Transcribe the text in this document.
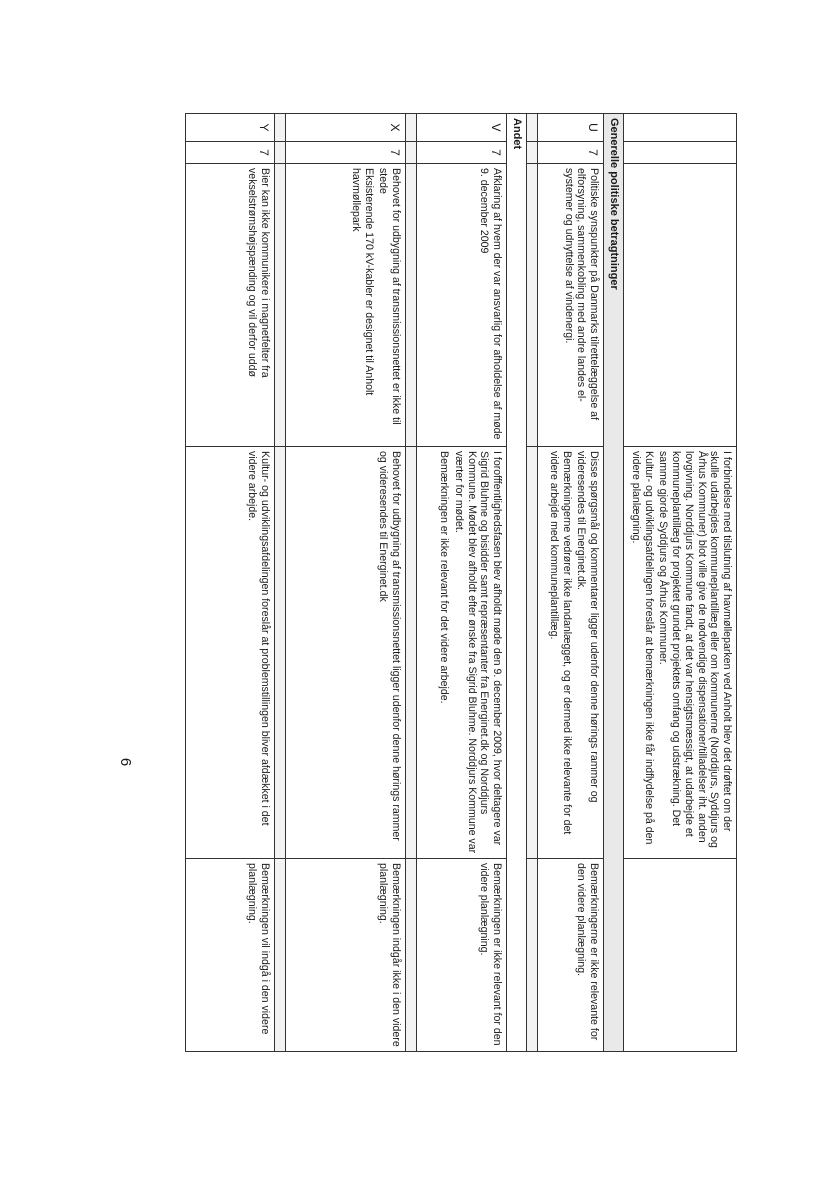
6

			I forbindelse med tilslutning af havmølleparken ved Anholt blev det drøftet om der skulle udarbejdes kommuneplantillæg eller om kommunerne (Norddjurs, Syddjurs og Århus Kommuner) blot ville give de nødvendige dispensationer/tilladelser iht. anden lovgivning. Norddjurs Kommune fandt, at det var hensigtsmæssigt, at udarbejde et kommuneplantillæg for projektet grundet projektets omfang og udstrækning. Det samme gjorde Syddjurs og Århus Kommuner.

Kultur- og udviklingsafdelingen foreslår at bemærkningen ikke får indflydelse på den videre planlægning.	

Generelle politiske betragtninger				
U	7	Politiske synspunkter på Danmarks tilrettelæggelse af elforsyning, sammenkobling med andre landes el-systemer og udnyttelse af vindenergi.	Disse spørgsmål og kommentarer ligger udenfor denne hørings rammer og videresendes til Energinet.dk.

Bemærkningerne vedrører ikke landanlægget, og er dermed ikke relevante for det videre arbejde med kommuneplantillæg.	Bemærkningerne er ikke relevante for den videre planlægning.

Andet				
V	7	Afklaring af hvem der var ansvarlig for afholdelse af møde 9. december 2009	I forofffentlighedsfasen blev afholdt møde den 9. december 2009, hvor deltagere var Sigrid Bluhme og bisidder samt repræsentanter fra Energinet.dk og Norddjurs Kommune. Mødet blev afholdt efter ønske fra Sigrid Bluhme. Norddjurs Kommune var værter for mødet.

Bemærkningen er ikke relevant for det videre arbejde.	Bemærkningen er ikke relevant for den videre planlægning.

X	7	Behovet for udbygning af transmissionsnettet er ikke til stede

Eksisterende 170 kV-kabler er designet til Anholt havmøllepark	Behovet for udbygning af transmissionsnettet ligger udenfor denne hørings rammer og videresendes til Energinet.dk	Bemærkningen indgår ikke i den videre planlægning.

Y	7	Bier kan ikke kommunikere i magnetfelter fra vekselstrømshøjspænding og vil derfor uddø	Kultur- og udviklingsafdelingen foreslår at problemstillingen bliver afdækket i det videre arbejde.	Bemærkningen vil indgå i den videre planlægning.
